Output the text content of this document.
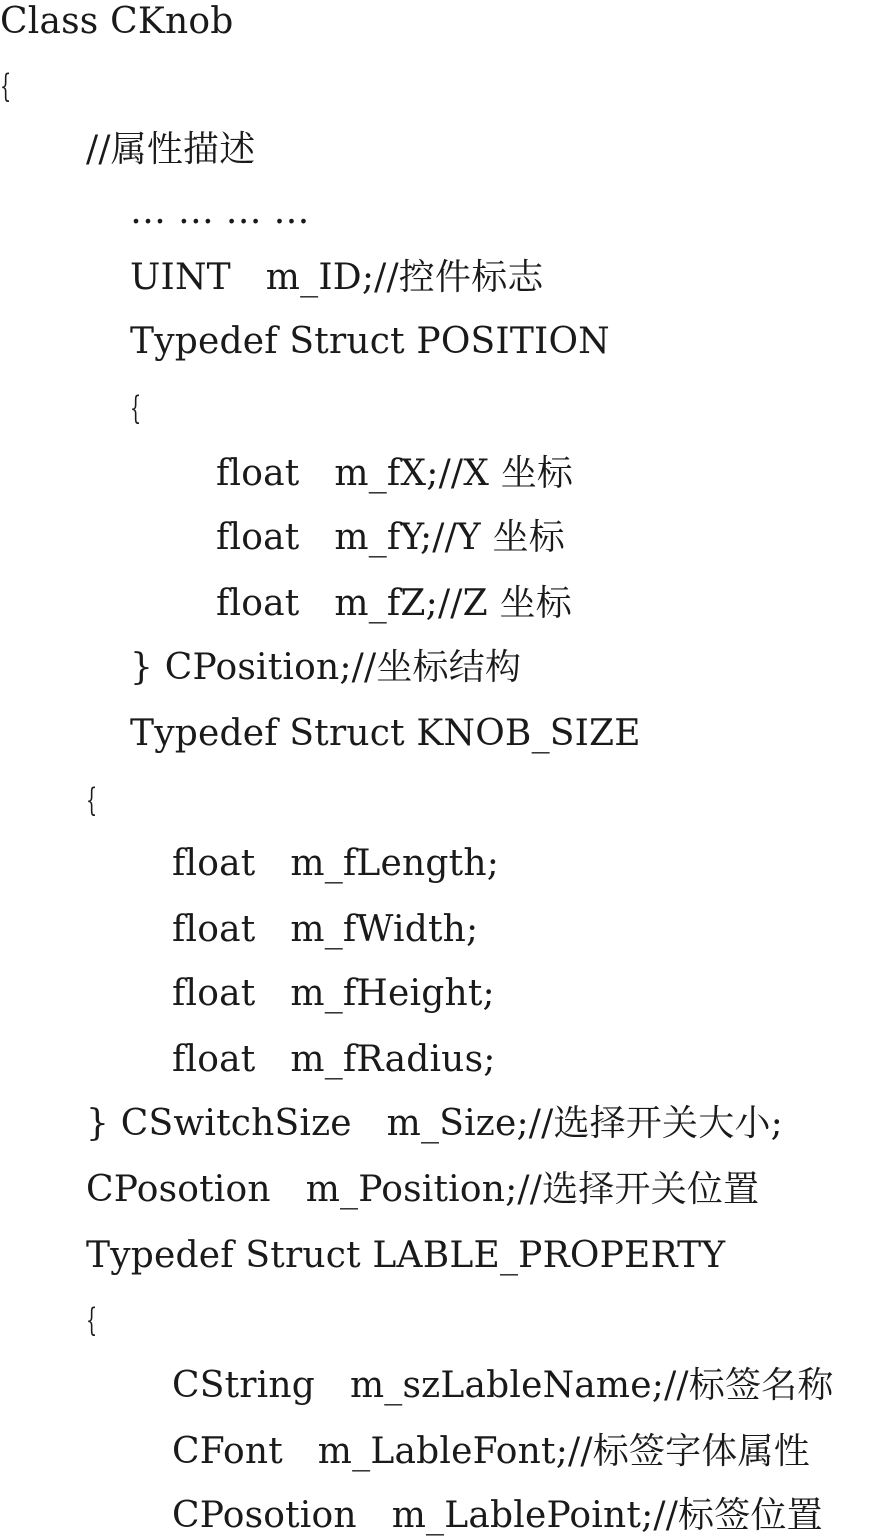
Class CKnob
{
//属性描述
… … … …
UINT   m_ID;//控件标志
Typedef Struct POSITION
{
float   m_fX;//X 坐标
float   m_fY;//Y 坐标
float   m_fZ;//Z 坐标
} CPosition;//坐标结构
Typedef Struct KNOB_SIZE
{
float   m_fLength;
float   m_fWidth;
float   m_fHeight;
float   m_fRadius;
} CSwitchSize   m_Size;//选择开关大小;
CPosotion   m_Position;//选择开关位置
Typedef Struct LABLE_PROPERTY
{
CString   m_szLableName;//标签名称
CFont   m_LableFont;//标签字体属性
CPosotion   m_LablePoint;//标签位置
